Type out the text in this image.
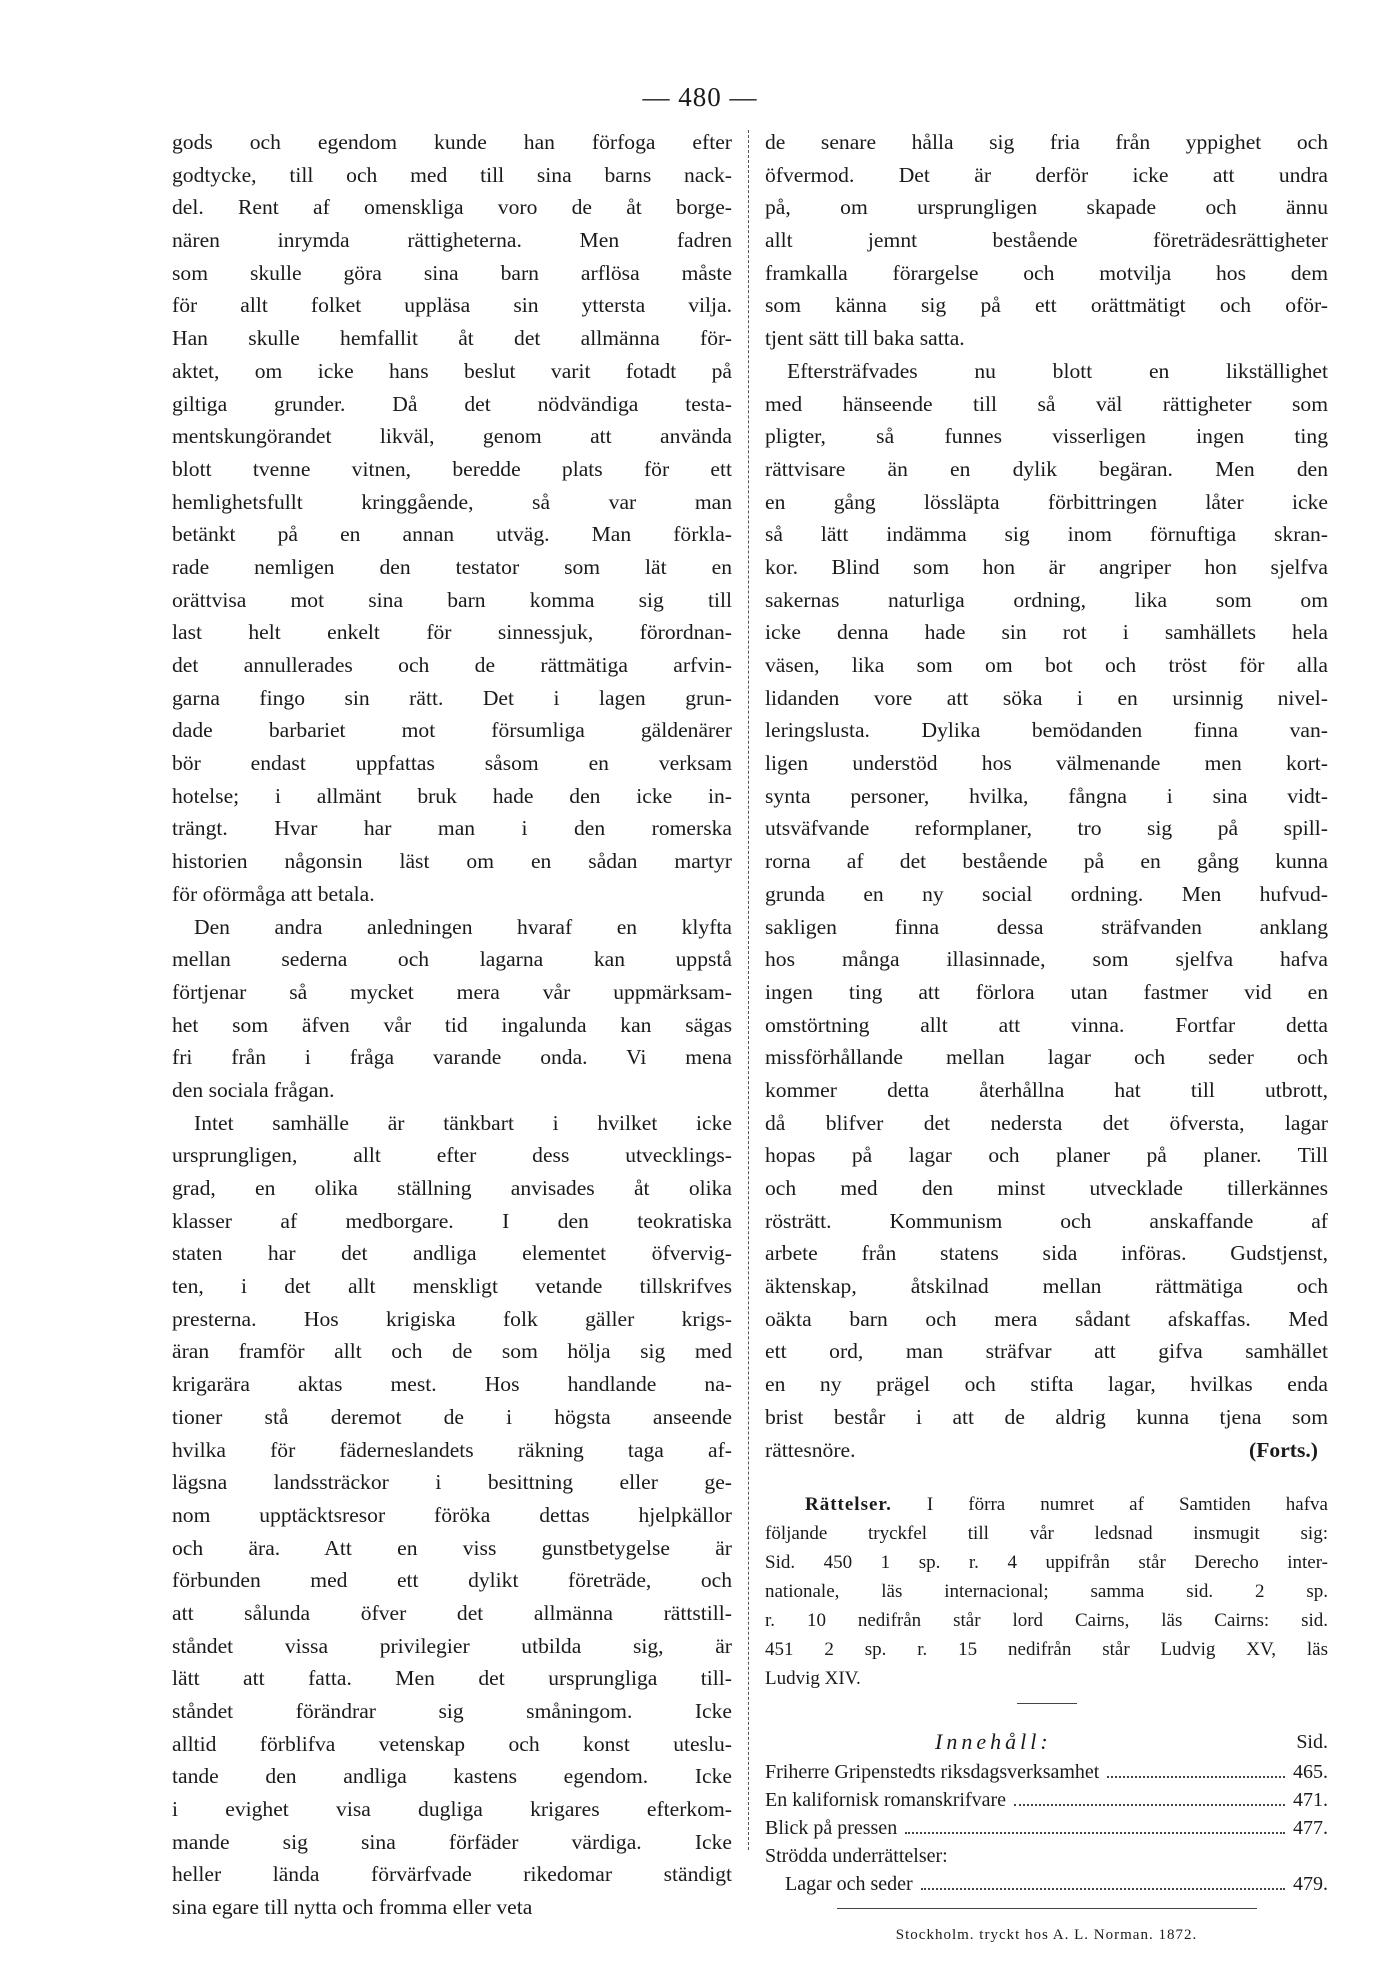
— 480 —
gods och egendom kunde han förfoga efter
godtycke, till och med till sina barns nack-
del. Rent af omenskliga voro de åt borge-
nären inrymda rättigheterna. Men fadren
som skulle göra sina barn arflösa måste
för allt folket uppläsa sin yttersta vilja.
Han skulle hemfallit åt det allmänna för-
aktet, om icke hans beslut varit fotadt på
giltiga grunder. Då det nödvändiga testa-
mentskungörandet likväl, genom att använda
blott tvenne vitnen, beredde plats för ett
hemlighetsfullt kringgående, så var man
betänkt på en annan utväg. Man förkla-
rade nemligen den testator som lät en
orättvisa mot sina barn komma sig till
last helt enkelt för sinnessjuk, förordnan-
det annullerades och de rättmätiga arfvin-
garna fingo sin rätt. Det i lagen grun-
dade barbariet mot försumliga gäldenärer
bör endast uppfattas såsom en verksam
hotelse; i allmänt bruk hade den icke in-
trängt. Hvar har man i den romerska
historien någonsin läst om en sådan martyr
för oförmåga att betala.
Den andra anledningen hvaraf en klyfta
mellan sederna och lagarna kan uppstå
förtjenar så mycket mera vår uppmärksam-
het som äfven vår tid ingalunda kan sägas
fri från i fråga varande onda. Vi mena
den sociala frågan.
Intet samhälle är tänkbart i hvilket icke
ursprungligen, allt efter dess utvecklings-
grad, en olika ställning anvisades åt olika
klasser af medborgare. I den teokratiska
staten har det andliga elementet öfvervig-
ten, i det allt menskligt vetande tillskrifves
presterna. Hos krigiska folk gäller krigs-
äran framför allt och de som hölja sig med
krigarära aktas mest. Hos handlande na-
tioner stå deremot de i högsta anseende
hvilka för fäderneslandets räkning taga af-
lägsna landssträckor i besittning eller ge-
nom upptäcktsresor föröka dettas hjelpkällor
och ära. Att en viss gunstbetygelse är
förbunden med ett dylikt företräde, och
att sålunda öfver det allmänna rättstill-
ståndet vissa privilegier utbilda sig, är
lätt att fatta. Men det ursprungliga till-
ståndet förändrar sig småningom. Icke
alltid förblifva vetenskap och konst uteslu-
tande den andliga kastens egendom. Icke
i evighet visa dugliga krigares efterkom-
mande sig sina förfäder värdiga. Icke
heller lända förvärfvade rikedomar ständigt
sina egare till nytta och fromma eller veta
de senare hålla sig fria från yppighet och
öfvermod. Det är derför icke att undra
på, om ursprungligen skapade och ännu
allt jemnt bestående företrädesrättigheter
framkalla förargelse och motvilja hos dem
som känna sig på ett orättmätigt och oför-
tjent sätt till baka satta.
Eftersträfvades nu blott en likställighet
med hänseende till så väl rättigheter som
pligter, så funnes visserligen ingen ting
rättvisare än en dylik begäran. Men den
en gång lössläpta förbittringen låter icke
så lätt indämma sig inom förnuftiga skran-
kor. Blind som hon är angriper hon sjelfva
sakernas naturliga ordning, lika som om
icke denna hade sin rot i samhällets hela
väsen, lika som om bot och tröst för alla
lidanden vore att söka i en ursinnig nivel-
leringslusta. Dylika bemödanden finna van-
ligen understöd hos välmenande men kort-
synta personer, hvilka, fångna i sina vidt-
utsväfvande reformplaner, tro sig på spill-
rorna af det bestående på en gång kunna
grunda en ny social ordning. Men hufvud-
sakligen finna dessa sträfvanden anklang
hos många illasinnade, som sjelfva hafva
ingen ting att förlora utan fastmer vid en
omstörtning allt att vinna. Fortfar detta
missförhållande mellan lagar och seder och
kommer detta återhållna hat till utbrott,
då blifver det nedersta det öfversta, lagar
hopas på lagar och planer på planer. Till
och med den minst utvecklade tillerkännes
rösträtt. Kommunism och anskaffande af
arbete från statens sida införas. Gudstjenst,
äktenskap, åtskilnad mellan rättmätiga och
oäkta barn och mera sådant afskaffas. Med
ett ord, man sträfvar att gifva samhället
en ny prägel och stifta lagar, hvilkas enda
brist består i att de aldrig kunna tjena som
rättesnöre.	(Forts.)
Rättelser. I förra numret af Samtiden hafva
följande tryckfel till vår ledsnad insmugit sig:
Sid. 450 1 sp. r. 4 uppifrån står Derecho inter-
nationale, läs internacional; samma sid. 2 sp.
r. 10 nedifrån står lord Cairns, läs Cairns: sid.
451 2 sp. r. 15 nedifrån står Ludvig XV, läs
Ludvig XIV.
Innehåll:	Sid.
Friherre Gripenstedts riksdagsverksamhet	465.
En kalifornisk romanskrifvare	471.
Blick på pressen	477.
Strödda underrättelser:
Lagar och seder	479.
Stockholm. tryckt hos A. L. Norman. 1872.
